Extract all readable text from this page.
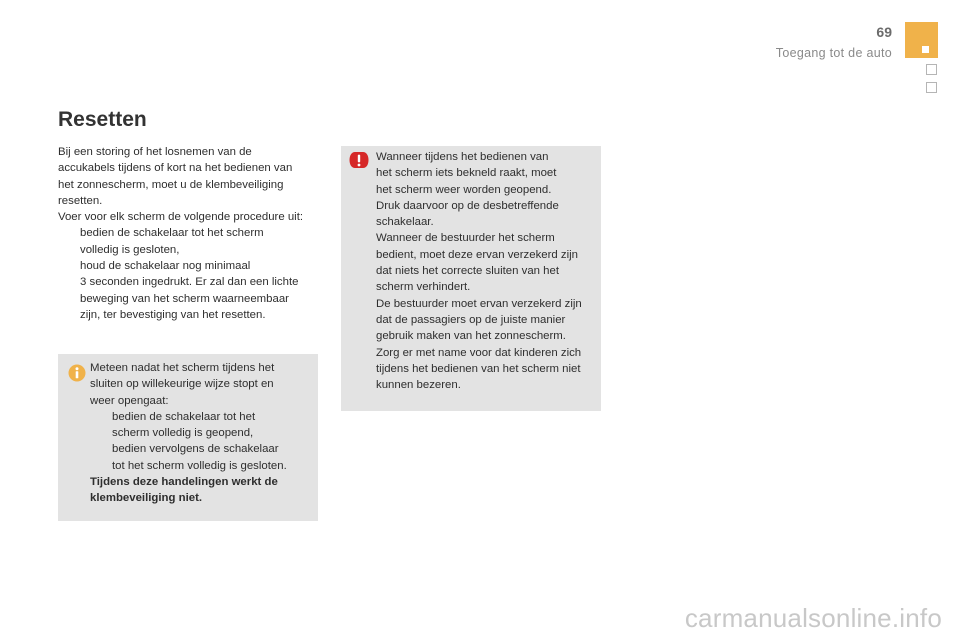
69
Toegang tot de auto
Resetten

Bij een storing of het losnemen van de

accukabels tijdens of kort na het bedienen van

het zonnescherm, moet u de klembeveiliging

resetten.

Voer voor elk scherm de volgende procedure uit:

bedien de schakelaar tot het scherm
volledig is gesloten,
houd de schakelaar nog minimaal
3 seconden ingedrukt. Er zal dan een lichte
beweging van het scherm waarneembaar
zijn, ter bevestiging van het resetten.

Meteen nadat het scherm tijdens het

sluiten op willekeurige wijze stopt en

weer opengaat:

bedien de schakelaar tot het
scherm volledig is geopend,
bedien vervolgens de schakelaar
tot het scherm volledig is gesloten.

Tijdens deze handelingen werkt de

klembeveiliging niet.

Wanneer tijdens het bedienen van
het scherm iets bekneld raakt, moet
het scherm weer worden geopend.
Druk daarvoor op de desbetreffende
schakelaar.
Wanneer de bestuurder het scherm
bedient, moet deze ervan verzekerd zijn
dat niets het correcte sluiten van het
scherm verhindert.
De bestuurder moet ervan verzekerd zijn
dat de passagiers op de juiste manier
gebruik maken van het zonnescherm.
Zorg er met name voor dat kinderen zich
tijdens het bedienen van het scherm niet
kunnen bezeren.
carmanualsonline.info
